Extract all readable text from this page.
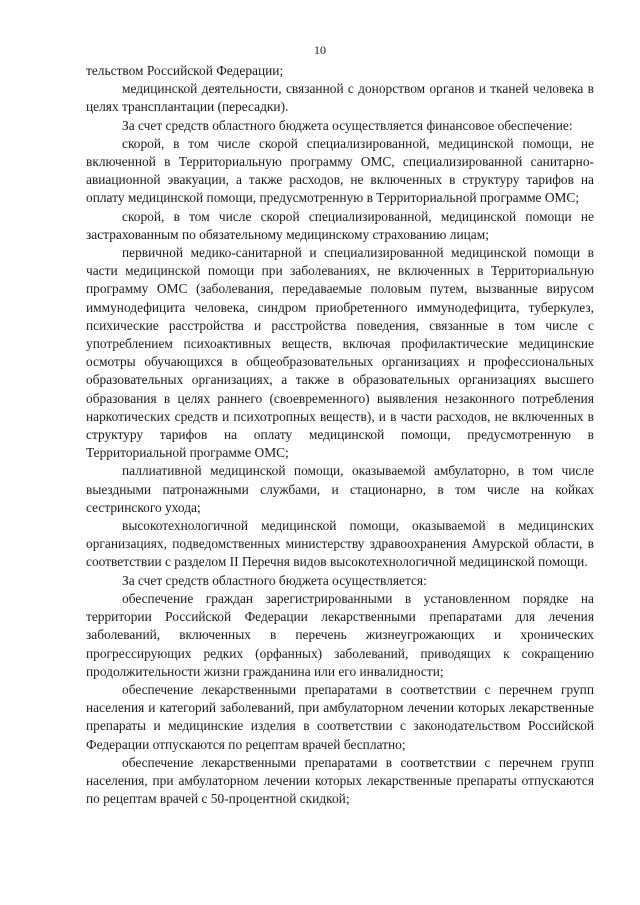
10

тельством Российской Федерации;

медицинской деятельности, связанной с донорством органов и тканей человека в целях трансплантации (пересадки).

За счет средств областного бюджета осуществляется финансовое обеспечение:

скорой, в том числе скорой специализированной, медицинской помощи, не включенной в Территориальную программу ОМС, специализированной санитарно-авиационной эвакуации, а также расходов, не включенных в структуру тарифов на оплату медицинской помощи, предусмотренную в Территориальной программе ОМС;

скорой, в том числе скорой специализированной, медицинской помощи не застрахованным по обязательному медицинскому страхованию лицам;

первичной медико-санитарной и специализированной медицинской помощи в части медицинской помощи при заболеваниях, не включенных в Территориальную программу ОМС (заболевания, передаваемые половым путем, вызванные вирусом иммунодефицита человека, синдром приобретенного иммунодефицита, туберкулез, психические расстройства и расстройства поведения, связанные в том числе с употреблением психоактивных веществ, включая профилактические медицинские осмотры обучающихся в общеобразовательных организациях и профессиональных образовательных организациях, а также в образовательных организациях высшего образования в целях раннего (своевременного) выявления незаконного потребления наркотических средств и психотропных веществ), и в части расходов, не включенных в структуру тарифов на оплату медицинской помощи, предусмотренную в Территориальной программе ОМС;

паллиативной медицинской помощи, оказываемой амбулаторно, в том числе выездными патронажными службами, и стационарно, в том числе на койках сестринского ухода;

высокотехнологичной медицинской помощи, оказываемой в медицинских организациях, подведомственных министерству здравоохранения Амурской области, в соответствии с разделом II Перечня видов высокотехнологичной медицинской помощи.

За счет средств областного бюджета осуществляется:

обеспечение граждан зарегистрированными в установленном порядке на территории Российской Федерации лекарственными препаратами для лечения заболеваний, включенных в перечень жизнеугрожающих и хронических прогрессирующих редких (орфанных) заболеваний, приводящих к сокращению продолжительности жизни гражданина или его инвалидности;

обеспечение лекарственными препаратами в соответствии с перечнем групп населения и категорий заболеваний, при амбулаторном лечении которых лекарственные препараты и медицинские изделия в соответствии с законодательством Российской Федерации отпускаются по рецептам врачей бесплатно;

обеспечение лекарственными препаратами в соответствии с перечнем групп населения, при амбулаторном лечении которых лекарственные препараты отпускаются по рецептам врачей с 50-процентной скидкой;
